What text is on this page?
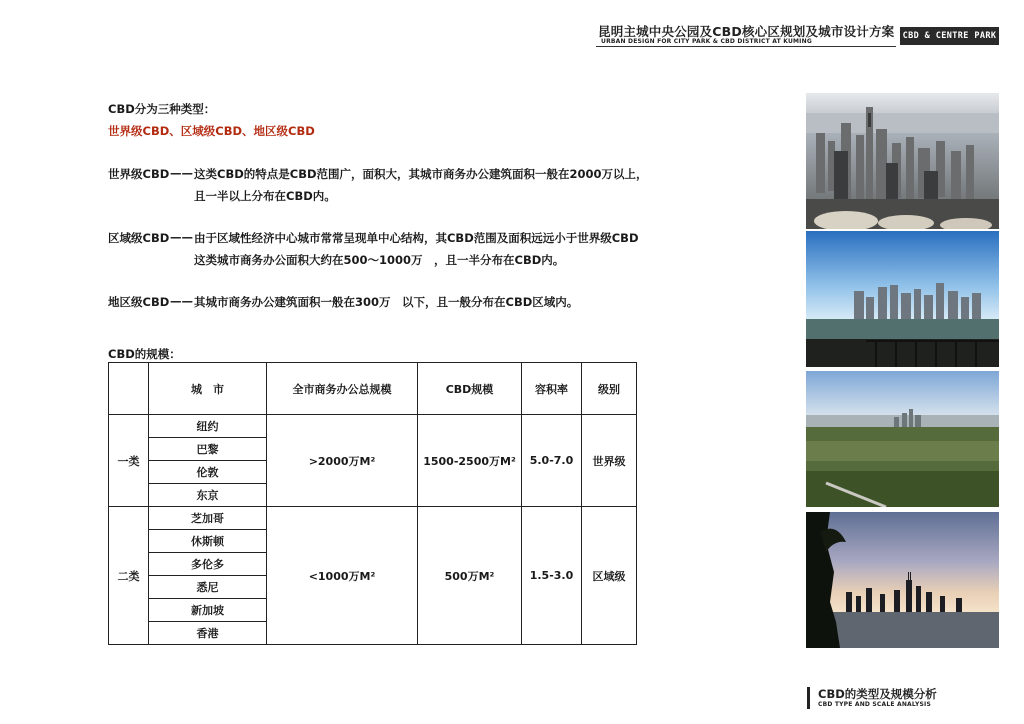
昆明主城中央公园及CBD核心区规划及城市设计方案
URBAN DESIGN FOR CITY PARK & CBD DISTRICT AT KUMING
CBD & CENTRE PARK
CBD分为三种类型：
世界级CBD、区域级CBD、地区级CBD
世界级CBD —— 这类CBD的特点是CBD范围广，面积大，其城市商务办公建筑面积一般在2000万以上，
且一半以上分布在CBD内。
区域级CBD —— 由于区域性经济中心城市常常呈现单中心结构，其CBD范围及面积远远小于世界级CBD
这类城市商务办公面积大约在500～1000万　，且一半分布在CBD内。
地区级CBD —— 其城市商务办公建筑面积一般在300万　以下，且一般分布在CBD区域内。
CBD的规模：
	城　市	全市商务办公总规模	CBD规模	容积率	级别
一类	纽约	>2000万M²	1500-2500万M²	5.0-7.0	世界级
	巴黎				
	伦敦				
	东京				
二类	芝加哥	<1000万M²	500万M²	1.5-3.0	区域级
	休斯顿				
	多伦多				
	悉尼				
	新加坡				
	香港				
CBD的类型及规模分析
CBD TYPE AND SCALE ANALYSIS
